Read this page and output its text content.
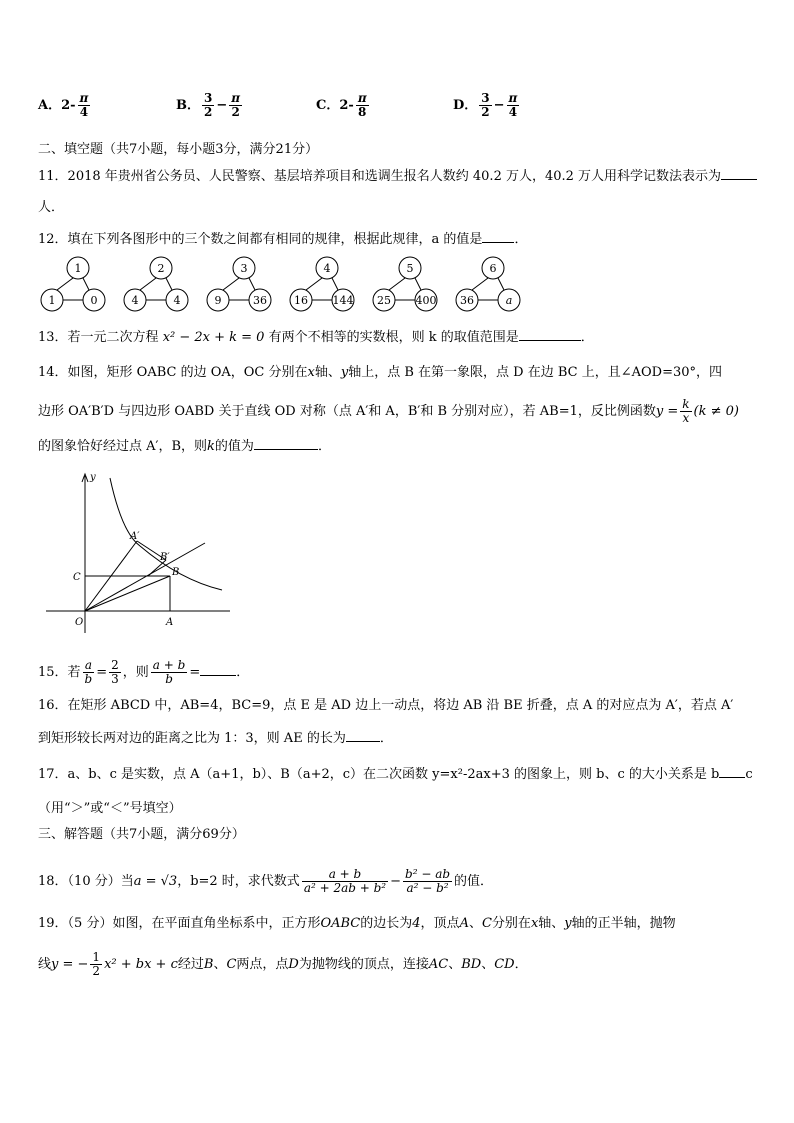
A．$2- \frac{\pi}{4}$	B． $\frac{3}{2} - \frac{\pi}{2}$	C．$2- \frac{\pi}{8}$	D． $\frac{3}{2} - \frac{\pi}{4}$
二、填空题（共7小题，每小题3分，满分21分）
11．2018 年贵州省公务员、人民警察、基层培养项目和选调生报名人数约 40.2 万人，40.2 万人用科学记数法表示为
人．
12．填在下列各图形中的三个数之间都有相同的规律，根据此规律，a 的值是 ．
1
1	0
2
4	4
3
9	36
4
16 144
5
25 400
6
36	a
13．若一元二次方程 x² − 2x + k = 0 有两个不相等的实数根，则 k 的取值范围是	．
14．如图，矩形 OABC 的边 OA，OC 分别在x轴、y轴上，点 B 在第一象限，点 D 在边 BC 上，且∠AOD=30°，四
边形 OA′B′D 与四边形 OABD 关于直线 OD 对称（点 A′和 A，B′和 B 分别对应），若 AB=1，反比例函数$y = \frac{k}{x} (k \ne 0)$
的图象恰好经过点 A′，B，则k的值为	．
y
A′
B′
C	B
O	A
15．若 $\frac{a}{b} = \frac{2}{3}$ ，则 $\frac{a + b}{b}$ =	．
16．在矩形 ABCD 中，AB=4，BC=9，点 E 是 AD 边上一动点，将边 AB 沿 BE 折叠，点 A 的对应点为 A′，若点 A′
到矩形较长两对边的距离之比为 1：3，则 AE 的长为	．
17．a、b、c 是实数，点 A（a+1，b）、B（a+2，c）在二次函数 y=x²-2ax+3 的图象上，则 b、c 的大小关系是 b c
（用“＞”或“＜”号填空）
三、解答题（共7小题，满分69分）
18．（10 分）当a = √3，b=2 时，求代数式 $\frac{a + b}{\text{a² + 2ab + b²}} - \frac{\text{b² − ab}}{\text{a² − b²}}$ 的值．
19．（5 分）如图，在平面直角坐标系中，正方形OABC的边长为4，顶点A、C分别在x轴、y轴的正半轴，抛物
线y = − $\frac{1}{2} x^2$ + bx + c经过B、C两点，点D为抛物线的顶点，连接AC、BD、CD．
